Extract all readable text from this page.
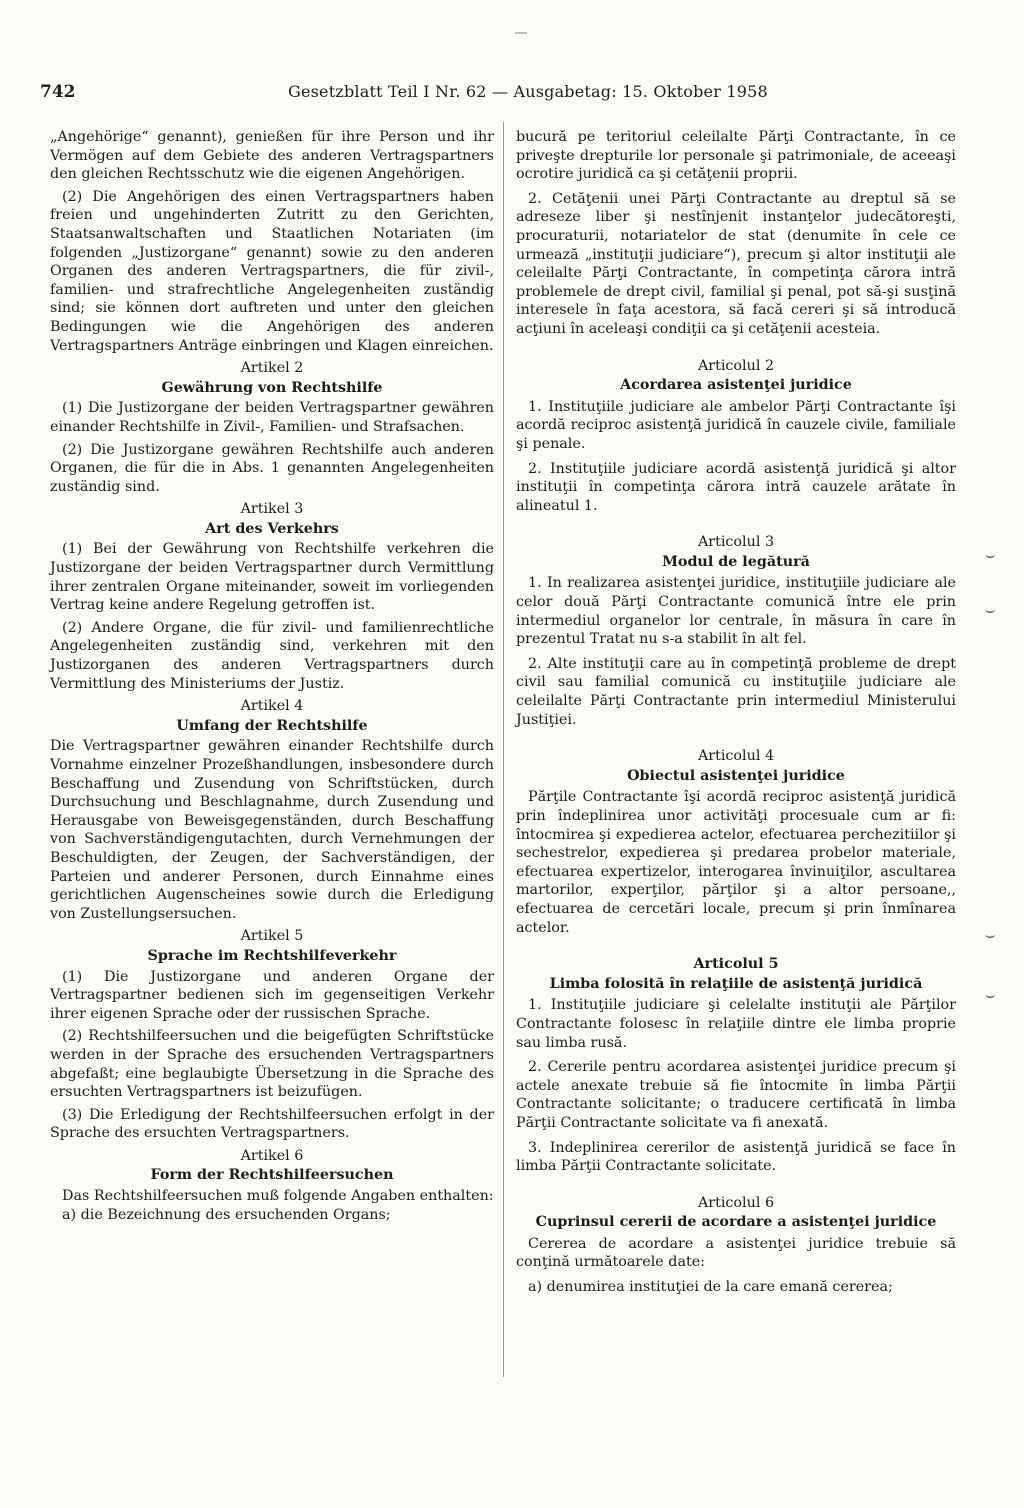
742	Gesetzblatt Teil I Nr. 62 — Ausgabetag: 15. Oktober 1958

„Angehörige“ genannt), genießen für ihre Person und ihr Vermögen auf dem Gebiete des anderen Vertragspartners den gleichen Rechtsschutz wie die eigenen Angehörigen.

(2) Die Angehörigen des einen Vertragspartners haben freien und ungehinderten Zutritt zu den Gerichten, Staatsanwaltschaften und Staatlichen Notariaten (im folgenden „Justizorgane“ genannt) sowie zu den anderen Organen des anderen Vertragspartners, die für zivil-, familien- und strafrechtliche Angelegenheiten zuständig sind; sie können dort auftreten und unter den gleichen Bedingungen wie die Angehörigen des anderen Vertragspartners Anträge einbringen und Klagen einreichen.

Artikel 2
Gewährung von Rechtshilfe

(1) Die Justizorgane der beiden Vertragspartner gewähren einander Rechtshilfe in Zivil-, Familien- und Strafsachen.

(2) Die Justizorgane gewähren Rechtshilfe auch anderen Organen, die für die in Abs. 1 genannten Angelegenheiten zuständig sind.

Artikel 3
Art des Verkehrs

(1) Bei der Gewährung von Rechtshilfe verkehren die Justizorgane der beiden Vertragspartner durch Vermittlung ihrer zentralen Organe miteinander, soweit im vorliegenden Vertrag keine andere Regelung getroffen ist.

(2) Andere Organe, die für zivil- und familienrechtliche Angelegenheiten zuständig sind, verkehren mit den Justizorganen des anderen Vertragspartners durch Vermittlung des Ministeriums der Justiz.

Artikel 4
Umfang der Rechtshilfe

Die Vertragspartner gewähren einander Rechtshilfe durch Vornahme einzelner Prozeßhandlungen, insbesondere durch Beschaffung und Zusendung von Schriftstücken, durch Durchsuchung und Beschlagnahme, durch Zusendung und Herausgabe von Beweisgegenständen, durch Beschaffung von Sachverständigengutachten, durch Vernehmungen der Beschuldigten, der Zeugen, der Sachverständigen, der Parteien und anderer Personen, durch Einnahme eines gerichtlichen Augenscheines sowie durch die Erledigung von Zustellungsersuchen.

Artikel 5
Sprache im Rechtshilfeverkehr

(1) Die Justizorgane und anderen Organe der Vertragspartner bedienen sich im gegenseitigen Verkehr ihrer eigenen Sprache oder der russischen Sprache.

(2) Rechtshilfeersuchen und die beigefügten Schriftstücke werden in der Sprache des ersuchenden Vertragspartners abgefaßt; eine beglaubigte Übersetzung in die Sprache des ersuchten Vertragspartners ist beizufügen.

(3) Die Erledigung der Rechtshilfeersuchen erfolgt in der Sprache des ersuchten Vertragspartners.

Artikel 6
Form der Rechtshilfeersuchen

Das Rechtshilfeersuchen muß folgende Angaben enthalten:

a) die Bezeichnung des ersuchenden Organs;

bucură pe teritoriul celeilalte Părţi Contractante, în ce priveşte drepturile lor personale şi patrimoniale, de aceeaşi ocrotire juridică ca şi cetăţenii proprii.

2. Cetăţenii unei Părţi Contractante au dreptul să se adreseze liber şi nestînjenit instanţelor judecătoreşti, procuraturii, notariatelor de stat (denumite în cele ce urmează „instituţii judiciare“), precum şi altor instituţii ale celeilalte Părţi Contractante, în competinţa cărora intră problemele de drept civil, familial şi penal, pot să-şi susţină interesele în faţa acestora, să facă cereri şi să introducă acţiuni în aceleaşi condiţii ca şi cetăţenii acesteia.

Articolul 2
Acordarea asistenţei juridice

1. Instituţiile judiciare ale ambelor Părţi Contractante îşi acordă reciproc asistenţă juridică în cauzele civile, familiale şi penale.

2. Instituţiile judiciare acordă asistenţă juridică şi altor instituţii în competinţa cărora intră cauzele arătate în alineatul 1.

Articolul 3
Modul de legătură

1. In realizarea asistenţei juridice, instituţiile judiciare ale celor două Părţi Contractante comunică între ele prin intermediul organelor lor centrale, în măsura în care în prezentul Tratat nu s-a stabilit în alt fel.

2. Alte instituţii care au în competinţă probleme de drept civil sau familial comunică cu instituţiile judiciare ale celeilalte Părţi Contractante prin intermediul Ministerului Justiţiei.

Articolul 4
Obiectul asistenţei juridice

Părţile Contractante îşi acordă reciproc asistenţă juridică prin îndeplinirea unor activităţi procesuale cum ar fi: întocmirea şi expedierea actelor, efectuarea perchezitiilor şi sechestrelor, expedierea şi predarea probelor materiale, efectuarea expertizelor, interogarea învinuiţilor, ascultarea martorilor, experţilor, părţilor şi a altor persoane,, efectuarea de cercetări locale, precum şi prin înmînarea actelor.

Articolul 5
Limba folosită în relaţiile de asistenţă juridică

1. Instituţiile judiciare şi celelalte instituţii ale Părţilor Contractante folosesc în relaţiile dintre ele limba proprie sau limba rusă.

2. Cererile pentru acordarea asistenţei juridice precum şi actele anexate trebuie să fie întocmite în limba Părţii Contractante solicitante; o traducere certificată în limba Părţii Contractante solicitate va fi anexată.

3. Indeplinirea cererilor de asistenţă juridică se face în limba Părţii Contractante solicitate.

Articolul 6
Cuprinsul cererii de acordare a asistenţei juridice

Cererea de acordare a asistenţei juridice trebuie să conţină următoarele date:

a) denumirea instituţiei de la care emană cererea;

⌣
⌣
⌣
⌣
